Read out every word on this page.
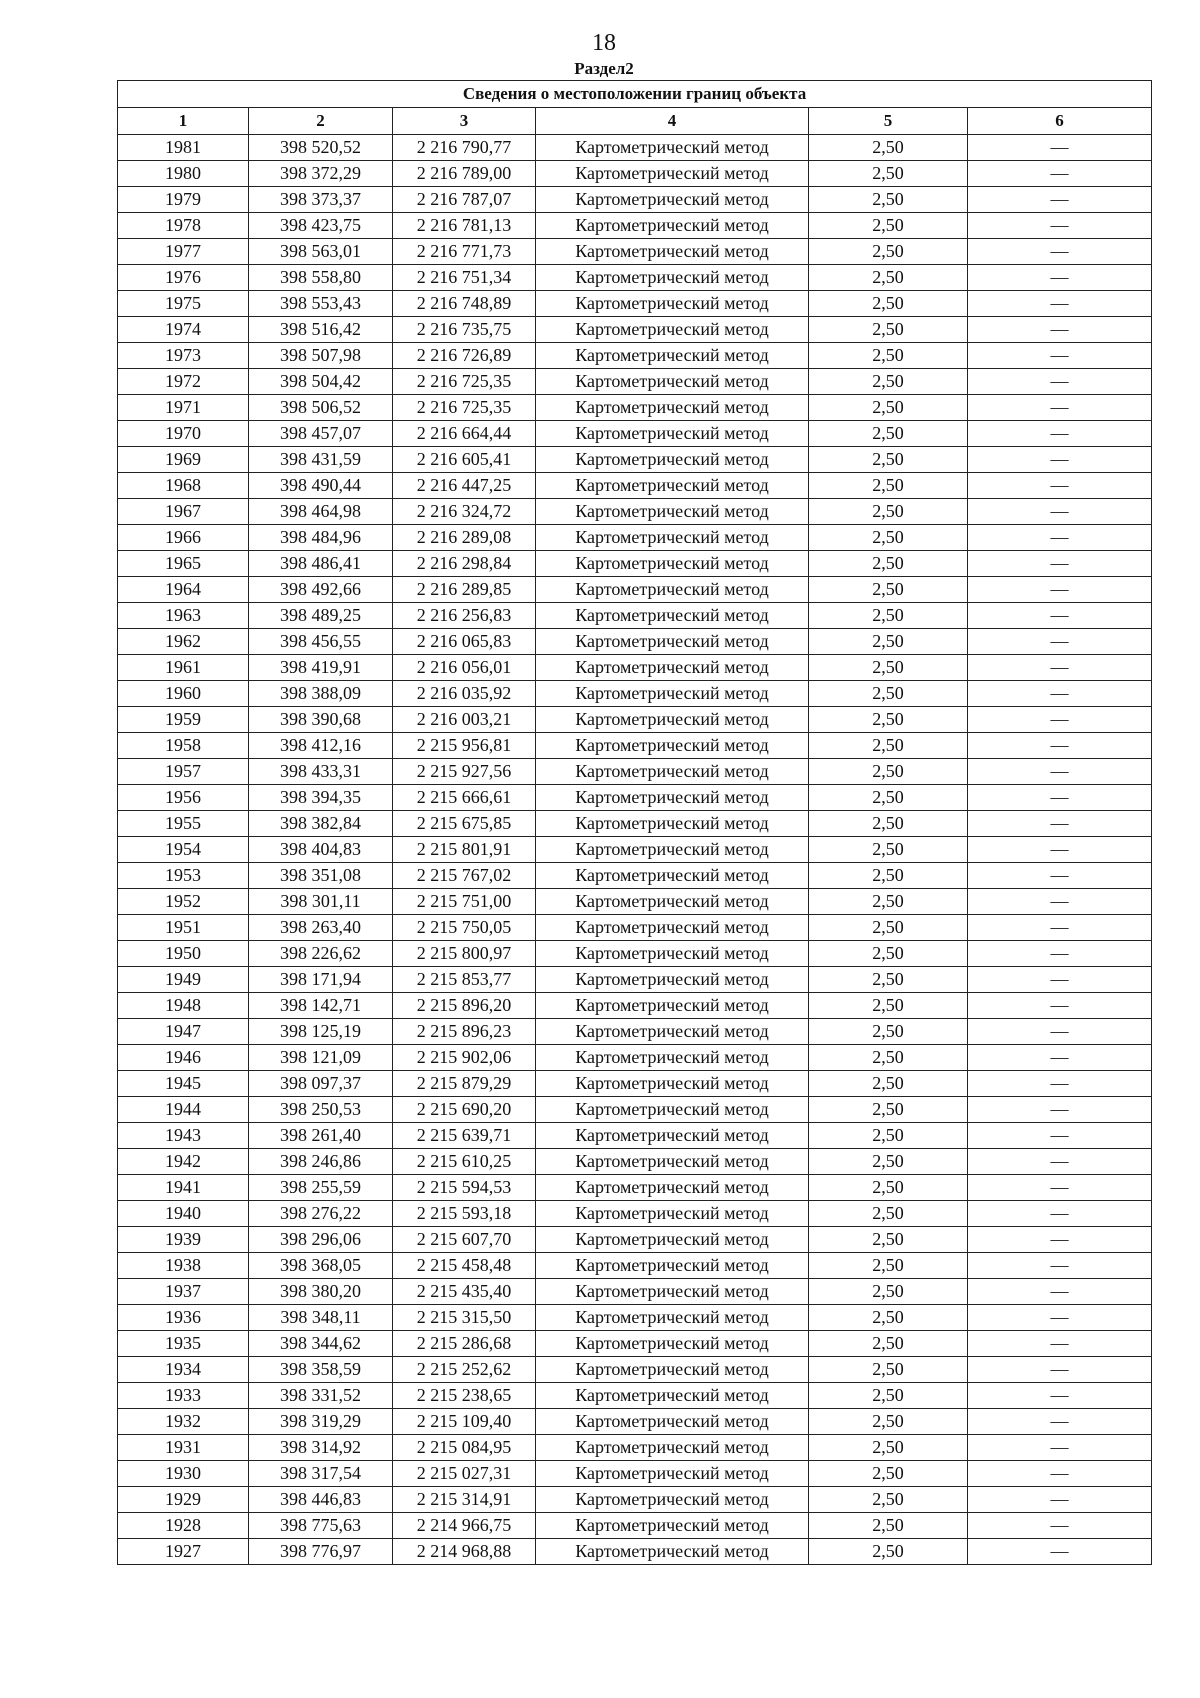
18
Раздел2
Сведения о местоположении границ объекта					
1	2	3	4	5	6
1981	398 520,52	2 216 790,77	Картометрический метод	2,50	—
1980	398 372,29	2 216 789,00	Картометрический метод	2,50	—
1979	398 373,37	2 216 787,07	Картометрический метод	2,50	—
1978	398 423,75	2 216 781,13	Картометрический метод	2,50	—
1977	398 563,01	2 216 771,73	Картометрический метод	2,50	—
1976	398 558,80	2 216 751,34	Картометрический метод	2,50	—
1975	398 553,43	2 216 748,89	Картометрический метод	2,50	—
1974	398 516,42	2 216 735,75	Картометрический метод	2,50	—
1973	398 507,98	2 216 726,89	Картометрический метод	2,50	—
1972	398 504,42	2 216 725,35	Картометрический метод	2,50	—
1971	398 506,52	2 216 725,35	Картометрический метод	2,50	—
1970	398 457,07	2 216 664,44	Картометрический метод	2,50	—
1969	398 431,59	2 216 605,41	Картометрический метод	2,50	—
1968	398 490,44	2 216 447,25	Картометрический метод	2,50	—
1967	398 464,98	2 216 324,72	Картометрический метод	2,50	—
1966	398 484,96	2 216 289,08	Картометрический метод	2,50	—
1965	398 486,41	2 216 298,84	Картометрический метод	2,50	—
1964	398 492,66	2 216 289,85	Картометрический метод	2,50	—
1963	398 489,25	2 216 256,83	Картометрический метод	2,50	—
1962	398 456,55	2 216 065,83	Картометрический метод	2,50	—
1961	398 419,91	2 216 056,01	Картометрический метод	2,50	—
1960	398 388,09	2 216 035,92	Картометрический метод	2,50	—
1959	398 390,68	2 216 003,21	Картометрический метод	2,50	—
1958	398 412,16	2 215 956,81	Картометрический метод	2,50	—
1957	398 433,31	2 215 927,56	Картометрический метод	2,50	—
1956	398 394,35	2 215 666,61	Картометрический метод	2,50	—
1955	398 382,84	2 215 675,85	Картометрический метод	2,50	—
1954	398 404,83	2 215 801,91	Картометрический метод	2,50	—
1953	398 351,08	2 215 767,02	Картометрический метод	2,50	—
1952	398 301,11	2 215 751,00	Картометрический метод	2,50	—
1951	398 263,40	2 215 750,05	Картометрический метод	2,50	—
1950	398 226,62	2 215 800,97	Картометрический метод	2,50	—
1949	398 171,94	2 215 853,77	Картометрический метод	2,50	—
1948	398 142,71	2 215 896,20	Картометрический метод	2,50	—
1947	398 125,19	2 215 896,23	Картометрический метод	2,50	—
1946	398 121,09	2 215 902,06	Картометрический метод	2,50	—
1945	398 097,37	2 215 879,29	Картометрический метод	2,50	—
1944	398 250,53	2 215 690,20	Картометрический метод	2,50	—
1943	398 261,40	2 215 639,71	Картометрический метод	2,50	—
1942	398 246,86	2 215 610,25	Картометрический метод	2,50	—
1941	398 255,59	2 215 594,53	Картометрический метод	2,50	—
1940	398 276,22	2 215 593,18	Картометрический метод	2,50	—
1939	398 296,06	2 215 607,70	Картометрический метод	2,50	—
1938	398 368,05	2 215 458,48	Картометрический метод	2,50	—
1937	398 380,20	2 215 435,40	Картометрический метод	2,50	—
1936	398 348,11	2 215 315,50	Картометрический метод	2,50	—
1935	398 344,62	2 215 286,68	Картометрический метод	2,50	—
1934	398 358,59	2 215 252,62	Картометрический метод	2,50	—
1933	398 331,52	2 215 238,65	Картометрический метод	2,50	—
1932	398 319,29	2 215 109,40	Картометрический метод	2,50	—
1931	398 314,92	2 215 084,95	Картометрический метод	2,50	—
1930	398 317,54	2 215 027,31	Картометрический метод	2,50	—
1929	398 446,83	2 215 314,91	Картометрический метод	2,50	—
1928	398 775,63	2 214 966,75	Картометрический метод	2,50	—
1927	398 776,97	2 214 968,88	Картометрический метод	2,50	—
